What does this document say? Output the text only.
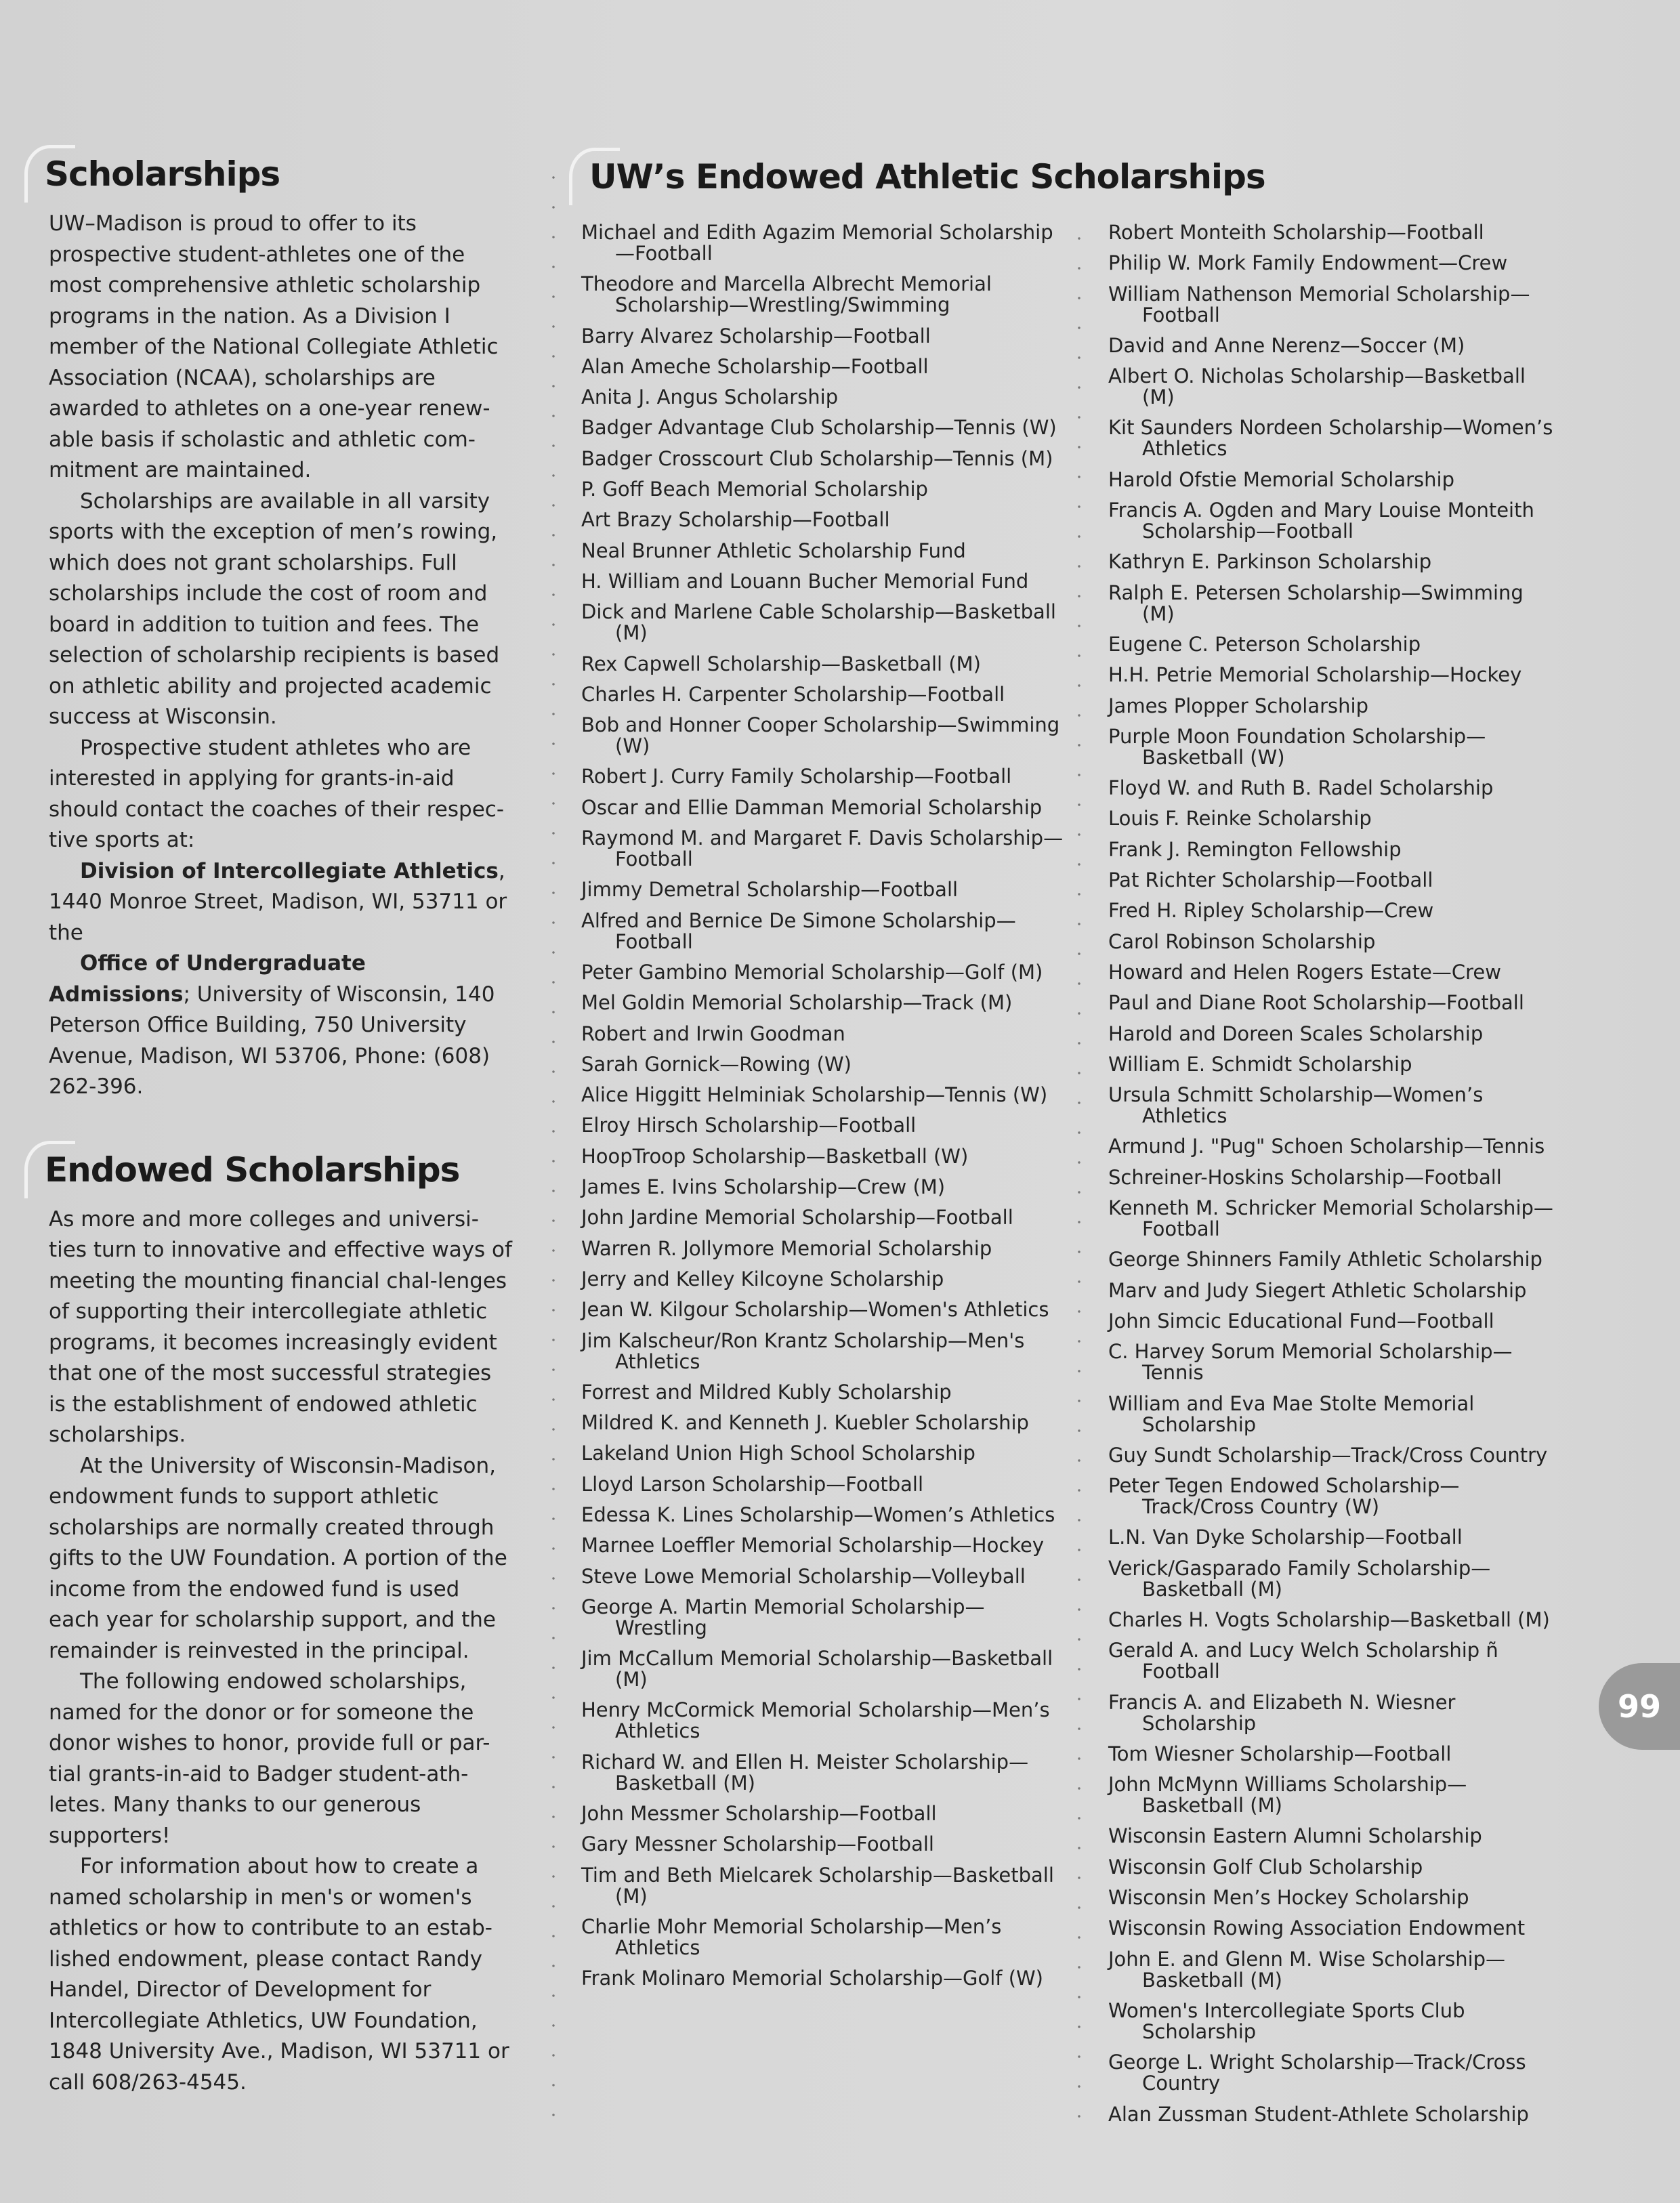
Scholarships

UW–Madison is proud to offer to its prospective student-athletes one of the most comprehensive athletic scholarship programs in the nation. As a Division I member of the National Collegiate Athletic Association (NCAA), scholarships are awarded to athletes on a one-year renew-able basis if scholastic and athletic com-mitment are maintained.

Scholarships are available in all varsity sports with the exception of men’s rowing, which does not grant scholarships. Full scholarships include the cost of room and board in addition to tuition and fees. The selection of scholarship recipients is based on athletic ability and projected academic success at Wisconsin.

Prospective student athletes who are interested in applying for grants-in-aid should contact the coaches of their respec-tive sports at:

Division of Intercollegiate Athletics, 1440 Monroe Street, Madison, WI, 53711 or the

Office of Undergraduate Admissions; University of Wisconsin, 140 Peterson Office Building, 750 University Avenue, Madison, WI 53706, Phone: (608) 262-396.

Endowed Scholarships

As more and more colleges and universi-ties turn to innovative and effective ways of meeting the mounting financial chal-lenges of supporting their intercollegiate athletic programs, it becomes increasingly evident that one of the most successful strategies is the establishment of endowed athletic scholarships.

At the University of Wisconsin-Madison, endowment funds to support athletic scholarships are normally created through gifts to the UW Foundation. A portion of the income from the endowed fund is used each year for scholarship support, and the remainder is reinvested in the principal.

The following endowed scholarships, named for the donor or for someone the donor wishes to honor, provide full or par-tial grants-in-aid to Badger student-ath-letes. Many thanks to our generous supporters!

For information about how to create a named scholarship in men's or women's athletics or how to contribute to an estab-lished endowment, please contact Randy Handel, Director of Development for Intercollegiate Athletics, UW Foundation, 1848 University Ave., Madison, WI 53711 or call 608/263-4545.

UW’s Endowed Athletic Scholarships
Michael and Edith Agazim Memorial Scholarship—Football
Theodore and Marcella Albrecht Memorial Scholarship—Wrestling/Swimming
Barry Alvarez Scholarship—Football
Alan Ameche Scholarship—Football
Anita J. Angus Scholarship
Badger Advantage Club Scholarship—Tennis (W)
Badger Crosscourt Club Scholarship—Tennis (M)
P. Goff Beach Memorial Scholarship
Art Brazy Scholarship—Football
Neal Brunner Athletic Scholarship Fund
H. William and Louann Bucher Memorial Fund
Dick and Marlene Cable Scholarship—Basketball (M)
Rex Capwell Scholarship—Basketball (M)
Charles H. Carpenter Scholarship—Football
Bob and Honner Cooper Scholarship—Swimming (W)
Robert J. Curry Family Scholarship—Football
Oscar and Ellie Damman Memorial Scholarship
Raymond M. and Margaret F. Davis Scholarship—Football
Jimmy Demetral Scholarship—Football
Alfred and Bernice De Simone Scholarship—Football
Peter Gambino Memorial Scholarship—Golf (M)
Mel Goldin Memorial Scholarship—Track (M)
Robert and Irwin Goodman
Sarah Gornick—Rowing (W)
Alice Higgitt Helminiak Scholarship—Tennis (W)
Elroy Hirsch Scholarship—Football
HoopTroop Scholarship—Basketball (W)
James E. Ivins Scholarship—Crew (M)
John Jardine Memorial Scholarship—Football
Warren R. Jollymore Memorial Scholarship
Jerry and Kelley Kilcoyne Scholarship
Jean W. Kilgour Scholarship—Women's Athletics
Jim Kalscheur/Ron Krantz Scholarship—Men's Athletics
Forrest and Mildred Kubly Scholarship
Mildred K. and Kenneth J. Kuebler Scholarship
Lakeland Union High School Scholarship
Lloyd Larson Scholarship—Football
Edessa K. Lines Scholarship—Women’s Athletics
Marnee Loeffler Memorial Scholarship—Hockey
Steve Lowe Memorial Scholarship—Volleyball
George A. Martin Memorial Scholarship—Wrestling
Jim McCallum Memorial Scholarship—Basketball (M)
Henry McCormick Memorial Scholarship—Men’s Athletics
Richard W. and Ellen H. Meister Scholarship—Basketball (M)
John Messmer Scholarship—Football
Gary Messner Scholarship—Football
Tim and Beth Mielcarek Scholarship—Basketball (M)
Charlie Mohr Memorial Scholarship—Men’s Athletics
Frank Molinaro Memorial Scholarship—Golf (W)
Robert Monteith Scholarship—Football
Philip W. Mork Family Endowment—Crew
William Nathenson Memorial Scholarship—Football
David and Anne Nerenz—Soccer (M)
Albert O. Nicholas Scholarship—Basketball (M)
Kit Saunders Nordeen Scholarship—Women’s Athletics
Harold Ofstie Memorial Scholarship
Francis A. Ogden and Mary Louise Monteith Scholarship—Football
Kathryn E. Parkinson Scholarship
Ralph E. Petersen Scholarship—Swimming (M)
Eugene C. Peterson Scholarship
H.H. Petrie Memorial Scholarship—Hockey
James Plopper Scholarship
Purple Moon Foundation Scholarship—Basketball (W)
Floyd W. and Ruth B. Radel Scholarship
Louis F. Reinke Scholarship
Frank J. Remington Fellowship
Pat Richter Scholarship—Football
Fred H. Ripley Scholarship—Crew
Carol Robinson Scholarship
Howard and Helen Rogers Estate—Crew
Paul and Diane Root Scholarship—Football
Harold and Doreen Scales Scholarship
William E. Schmidt Scholarship
Ursula Schmitt Scholarship—Women’s Athletics
Armund J. "Pug" Schoen Scholarship—Tennis
Schreiner-Hoskins Scholarship—Football
Kenneth M. Schricker Memorial Scholarship—Football
George Shinners Family Athletic Scholarship
Marv and Judy Siegert Athletic Scholarship
John Simcic Educational Fund—Football
C. Harvey Sorum Memorial Scholarship—Tennis
William and Eva Mae Stolte Memorial Scholarship
Guy Sundt Scholarship—Track/Cross Country
Peter Tegen Endowed Scholarship—Track/Cross Country (W)
L.N. Van Dyke Scholarship—Football
Verick/Gasparado Family Scholarship—Basketball (M)
Charles H. Vogts Scholarship—Basketball (M)
Gerald A. and Lucy Welch Scholarship ñ Football
Francis A. and Elizabeth N. Wiesner Scholarship
Tom Wiesner Scholarship—Football
John McMynn Williams Scholarship—Basketball (M)
Wisconsin Eastern Alumni Scholarship
Wisconsin Golf Club Scholarship
Wisconsin Men’s Hockey Scholarship
Wisconsin Rowing Association Endowment
John E. and Glenn M. Wise Scholarship—Basketball (M)
Women's Intercollegiate Sports Club Scholarship
George L. Wright Scholarship—Track/Cross Country
Alan Zussman Student-Athlete Scholarship
99
